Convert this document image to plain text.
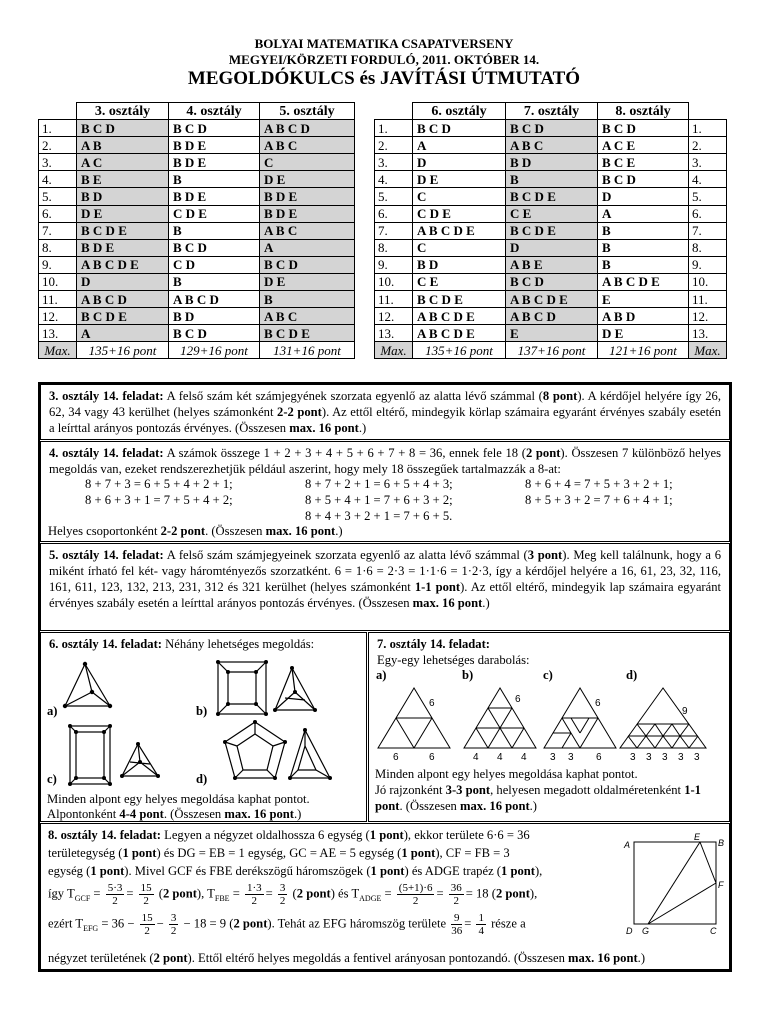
BOLYAI MATEMATIKA CSAPATVERSENY
MEGYEI/KÖRZETI FORDULÓ, 2011. OKTÓBER 14.
MEGOLDÓKULCS és JAVÍTÁSI ÚTMUTATÓ
	3. osztály	4. osztály	5. osztály			6. osztály	7. osztály	8. osztály	
1.	B C D	B C D	A B C D		1.	B C D	B C D	B C D	1.
2.	A B	B D E	A B C		2.	A	A B C	A C E	2.
3.	A C	B D E	C		3.	D	B D	B C E	3.
4.	B E	B	D E		4.	D E	B	B C D	4.
5.	B D	B D E	B D E		5.	C	B C D E	D	5.
6.	D E	C D E	B D E		6.	C D E	C E	A	6.
7.	B C D E	B	A B C		7.	A B C D E	B C D E	B	7.
8.	B D E	B C D	A		8.	C	D	B	8.
9.	A B C D E	C D	B C D		9.	B D	A B E	B	9.
10.	D	B	D E		10.	C E	B C D	A B C D E	10.
11.	A B C D	A B C D	B		11.	B C D E	A B C D E	E	11.
12.	B C D E	B D	A B C		12.	A B C D E	A B C D	A B D	12.
13.	A	B C D	B C D E		13.	A B C D E	E	D E	13.
Max.	135+16 pont	129+16 pont	131+16 pont		Max.	135+16 pont	137+16 pont	121+16 pont	Max.
3. osztály 14. feladat: A felső szám két számjegyének szorzata egyenlő az alatta lévő számmal (8 pont). A kérdőjel helyére így 26, 62, 34 vagy 43 kerülhet (helyes számonként 2-2 pont). Az ettől eltérő, mindegyik körlap számaira egyaránt érvényes szabály esetén a leírttal arányos pontozás érvényes. (Összesen max. 16 pont.)
4. osztály 14. feladat: A számok összege 1 + 2 + 3 + 4 + 5 + 6 + 7 + 8 = 36, ennek fele 18 (2 pont). Összesen 7 különböző helyes megoldás van, ezeket rendszerezhetjük például aszerint, hogy mely 18 összegűek tartalmazzák a 8-at:
8 + 7 + 3 = 6 + 5 + 4 + 2 + 1;	8 + 7 + 2 + 1 = 6 + 5 + 4 + 3;	8 + 6 + 4 = 7 + 5 + 3 + 2 + 1;
8 + 6 + 3 + 1 = 7 + 5 + 4 + 2;	8 + 5 + 4 + 1 = 7 + 6 + 3 + 2;	8 + 5 + 3 + 2 = 7 + 6 + 4 + 1;
8 + 4 + 3 + 2 + 1 = 7 + 6 + 5.
Helyes csoportonként 2-2 pont. (Összesen max. 16 pont.)
5. osztály 14. feladat: A felső szám számjegyeinek szorzata egyenlő az alatta lévő számmal (3 pont). Meg kell találnunk, hogy a 6 miként írható fel két- vagy háromtényezős szorzatként. 6 = 1·6 = 2·3 = 1·1·6 = 1·2·3, így a kérdőjel helyére a 16, 61, 23, 32, 116, 161, 611, 123, 132, 213, 231, 312 és 321 kerülhet (helyes számonként 1-1 pont). Az ettől eltérő, mindegyik lap számaira egyaránt érvényes szabály esetén a leírttal arányos pontozás érvényes. (Összesen max. 16 pont.)
6. osztály 14. feladat: Néhány lehetséges megoldás:
a)	b)
c)	d)
Minden alpont egy helyes megoldása kaphat pontot.
Alpontonként 4-4 pont. (Összesen max. 16 pont.)
7. osztály 14. feladat:
Egy-egy lehetséges darabolás:
a)	b)	c)	d)
6
6	6
6
4 4 4
6
3 3 6
9
3 3 3 3 3
Minden alpont egy helyes megoldása kaphat pontot.
Jó rajzonként 3-3 pont, helyesen megadott oldalméretenként 1-1 pont. (Összesen max. 16 pont.)
8. osztály 14. feladat: Legyen a négyzet oldalhossza 6 egység (1 pont), ekkor területe 6·6 = 36
területegység (1 pont) és DG = EB = 1 egység, GC = AE = 5 egység (1 pont), CF = FB = 3
egység (1 pont). Mivel GCF és FBE derékszögű háromszögek (1 pont) és ADGE trapéz (1 pont),
így $T_{GCF} = \frac{5\cdot 3}{2} = \frac{15}{2} (2$ pont), $T_{FBE} = \frac{1\cdot 3}{2} = \frac{3}{2} (2$ pont) és $T_{ADGE} = \frac{(5+1)\cdot 6}{2} = \frac{36}{2} = 18$ (2 pont),
ezért $T_{EFG} = 36 - \frac{15}{2} - \frac{3}{2} - 18 = 9$ (2 pont). Tehát az EFG háromszög területe $\frac{9}{36} = \frac{1}{4}$ része a
négyzet területének (2 pont). Ettől eltérő helyes megoldás a fentivel arányosan pontozandó. (Összesen max. 16 pont.)
A
E
B
F
D G	C
